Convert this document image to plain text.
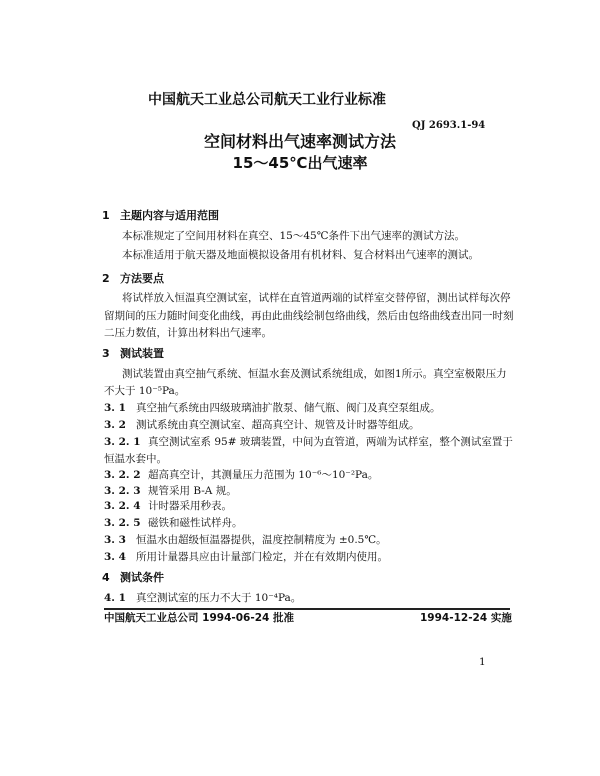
中国航天工业总公司航天工业行业标准
QJ 2693.1-94
空间材料出气速率测试方法
15～45℃出气速率
1 主题内容与适用范围
本标准规定了空间用材料在真空、15～45℃条件下出气速率的测试方法。
本标准适用于航天器及地面模拟设备用有机材料、复合材料出气速率的测试。
2 方法要点
将试样放入恒温真空测试室，试样在直管道两端的试样室交替停留，测出试样每次停
留期间的压力随时间变化曲线，再由此曲线绘制包络曲线，然后由包络曲线查出同一时刻
二压力数值，计算出材料出气速率。
3 测试装置
测试装置由真空抽气系统、恒温水套及测试系统组成，如图1所示。真空室极限压力
不大于 10⁻⁵Pa。
3. 1 真空抽气系统由四级玻璃油扩散泵、储气瓶、阀门及真空泵组成。
3. 2 测试系统由真空测试室、超高真空计、规管及计时器等组成。
3. 2. 1 真空测试室系 95# 玻璃装置，中间为直管道，两端为试样室，整个测试室置于
恒温水套中。
3. 2. 2 超高真空计，其测量压力范围为 10⁻⁶～10⁻²Pa。
3. 2. 3 规管采用 B-A 规。
3. 2. 4 计时器采用秒表。
3. 2. 5 磁铁和磁性试样舟。
3. 3 恒温水由超级恒温器提供，温度控制精度为 ±0.5℃。
3. 4 所用计量器具应由计量部门检定，并在有效期内使用。
4 测试条件
4. 1 真空测试室的压力不大于 10⁻⁴Pa。
中国航天工业总公司 1994-06-24 批准	1994-12-24 实施
1
